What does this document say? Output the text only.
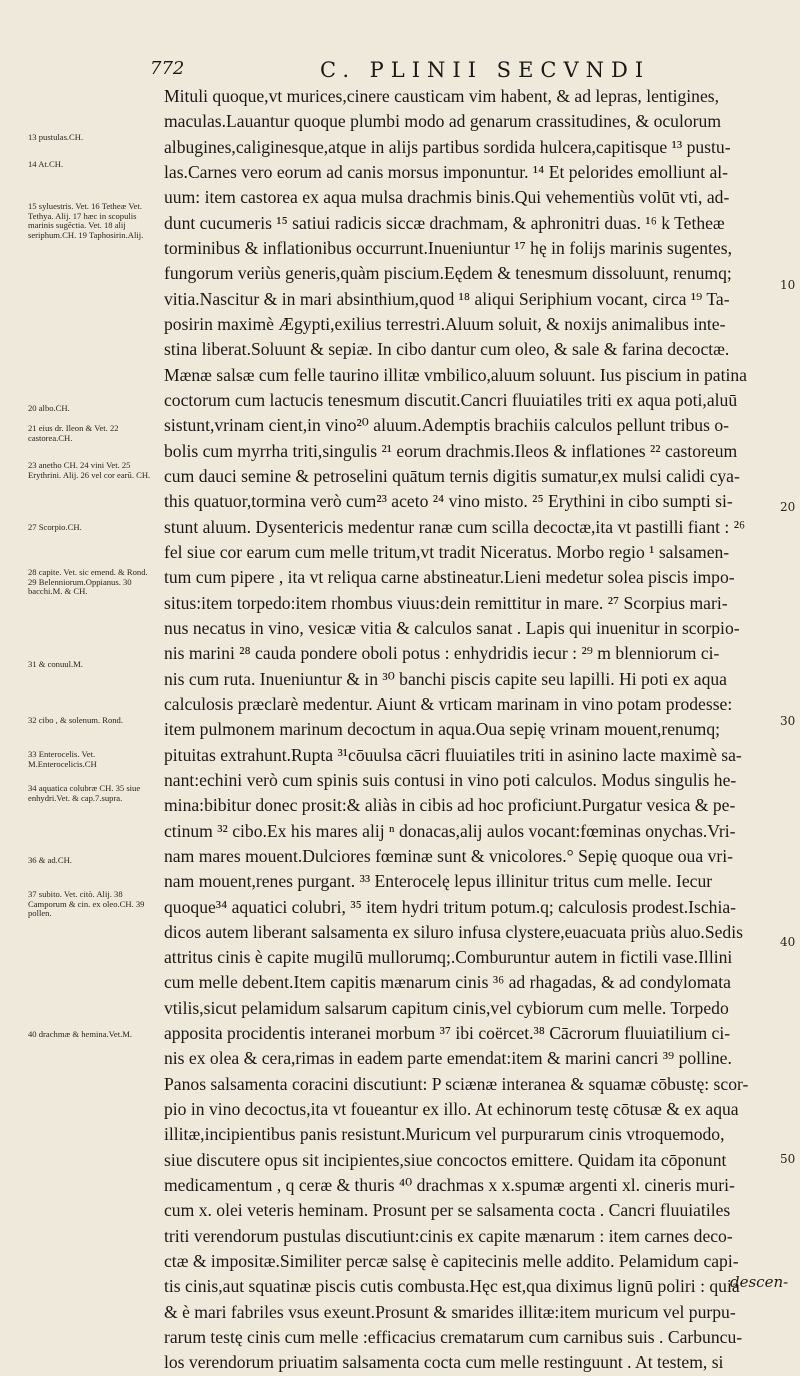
772	C. PLINII SECVNDI
13 pustulas.CH.
14 At.CH.
15 syluestris. Vet. 16 Tetheæ Vet. Tethya. Alij. 17 hæc in scopulis marinis sugēctia. Vet. 18 alij seriphum.CH. 19 Taphosirin.Alij.
20 albo.CH.
21 eius dr. Ileon & Vet. 22 castorea.CH.
23 anetho CH. 24 vini Vet. 25 Erythrini. Alij. 26 vel cor earū. CH.
27 Scorpio.CH.
28 capite. Vet. sic emend. & Rond. 29 Belenniorum.Oppianus. 30 bacchi.M. & CH.
31 & conuul.M.
32 cibo , & solenum. Rond.
33 Enterocelis. Vet. M.Enterocelicis.CH
34 aquatica colubræ CH. 35 siue enhydri.Vet. & cap.7.supra.
36 & ad.CH.
37 subito. Vet. citò. Alij. 38 Camporum & cin. ex oleo.CH. 39 pollen.
40 drachmæ & hemina.Vet.M.
Mituli quoque,vt murices,cinere causticam vim habent, & ad lepras, lentigines,
maculas.Lauantur quoque plumbi modo ad genarum crassitudines, & oculorum
albugines,caliginesque,atque in alijs partibus sordida hulcera,capitisque ¹³ pustu-
las.Carnes vero eorum ad canis morsus imponuntur. ¹⁴ Et pelorides emolliunt al-
uum: item castorea ex aqua mulsa drachmis binis.Qui vehementiùs volūt vti, ad-
dunt cucumeris ¹⁵ satiui radicis siccæ drachmam, & aphronitri duas. ¹⁶ k Tetheæ
torminibus & inflationibus occurrunt.Inueniuntur ¹⁷ hę in folijs marinis sugentes,
fungorum veriùs generis,quàm piscium.Eędem & tenesmum dissoluunt, renumq;
vitia.Nascitur & in mari absinthium,quod ¹⁸ aliqui Seriphium vocant, circa ¹⁹ Ta-
posirin maximè Ægypti,exilius terrestri.Aluum soluit, & noxijs animalibus inte-
stina liberat.Soluunt & sepiæ. In cibo dantur cum oleo, & sale & farina decoctæ.
Mænæ salsæ cum felle taurino illitæ vmbilico,aluum soluunt. Ius piscium in patina
coctorum cum lactucis tenesmum discutit.Cancri fluuiatiles triti ex aqua poti,aluū
sistunt,vrinam cient,in vino²⁰ aluum.Ademptis brachiis calculos pellunt tribus o-
bolis cum myrrha triti,singulis ²¹ eorum drachmis.Ileos & inflationes ²² castoreum
cum dauci semine & petroselini quātum ternis digitis sumatur,ex mulsi calidi cya-
this quatuor,tormina verò cum²³ aceto ²⁴ vino misto. ²⁵ Erythini in cibo sumpti si-
stunt aluum. Dysentericis medentur ranæ cum scilla decoctæ,ita vt pastilli fiant : ²⁶
fel siue cor earum cum melle tritum,vt tradit Niceratus. Morbo regio ¹ salsamen-
tum cum pipere , ita vt reliqua carne abstineatur.Lieni medetur solea piscis impo-
situs:item torpedo:item rhombus viuus:dein remittitur in mare. ²⁷ Scorpius mari-
nus necatus in vino, vesicæ vitia & calculos sanat . Lapis qui inuenitur in scorpio-
nis marini ²⁸ cauda pondere oboli potus : enhydridis iecur : ²⁹ m blenniorum ci-
nis cum ruta. Inueniuntur & in ³⁰ banchi piscis capite seu lapilli. Hi poti ex aqua
calculosis præclarè medentur. Aiunt & vrticam marinam in vino potam prodesse:
item pulmonem marinum decoctum in aqua.Oua sepię vrinam mouent,renumq;
pituitas extrahunt.Rupta ³¹cōuulsa cācri fluuiatiles triti in asinino lacte maximè sa-
nant:echini verò cum spinis suis contusi in vino poti calculos. Modus singulis he-
mina:bibitur donec prosit:& aliàs in cibis ad hoc proficiunt.Purgatur vesica & pe-
ctinum ³² cibo.Ex his mares alij ⁿ donacas,alij aulos vocant:fœminas onychas.Vri-
nam mares mouent.Dulciores fœminæ sunt & vnicolores.° Sepię quoque oua vri-
nam mouent,renes purgant. ³³ Enterocelę lepus illinitur tritus cum melle. Iecur
quoque³⁴ aquatici colubri, ³⁵ item hydri tritum potum.q; calculosis prodest.Ischia-
dicos autem liberant salsamenta ex siluro infusa clystere,euacuata priùs aluo.Sedis
attritus cinis è capite mugilū mullorumq;.Comburuntur autem in fictili vase.Illini
cum melle debent.Item capitis mænarum cinis ³⁶ ad rhagadas, & ad condylomata
vtilis,sicut pelamidum salsarum capitum cinis,vel cybiorum cum melle. Torpedo
apposita procidentis interanei morbum ³⁷ ibi coërcet.³⁸ Cācrorum fluuiatilium ci-
nis ex olea & cera,rimas in eadem parte emendat:item & marini cancri ³⁹ polline.
Panos salsamenta coracini discutiunt: P sciænæ interanea & squamæ cōbustę: scor-
pio in vino decoctus,ita vt foueantur ex illo. At echinorum testę cōtusæ & ex aqua
illitæ,incipientibus panis resistunt.Muricum vel purpurarum cinis vtroquemodo,
siue discutere opus sit incipientes,siue concoctos emittere. Quidam ita cōponunt
medicamentum , q ceræ & thuris ⁴⁰ drachmas x x.spumæ argenti xl. cineris muri-
cum x. olei veteris heminam. Prosunt per se salsamenta cocta . Cancri fluuiatiles
triti verendorum pustulas discutiunt:cinis ex capite mænarum : item carnes deco-
ctæ & impositæ.Similiter percæ salsę è capitecinis melle addito. Pelamidum capi-
tis cinis,aut squatinæ piscis cutis combusta.Hęc est,qua diximus lignū poliri : quia
& è mari fabriles vsus exeunt.Prosunt & smarides illitæ:item muricum vel purpu-
rarum testę cinis cum melle :efficacius crematarum cum carnibus suis . Carbuncu-
los verendorum priuatim salsamenta cocta cum melle restinguunt . At testem, si
10
20
30
40
50
descen-
